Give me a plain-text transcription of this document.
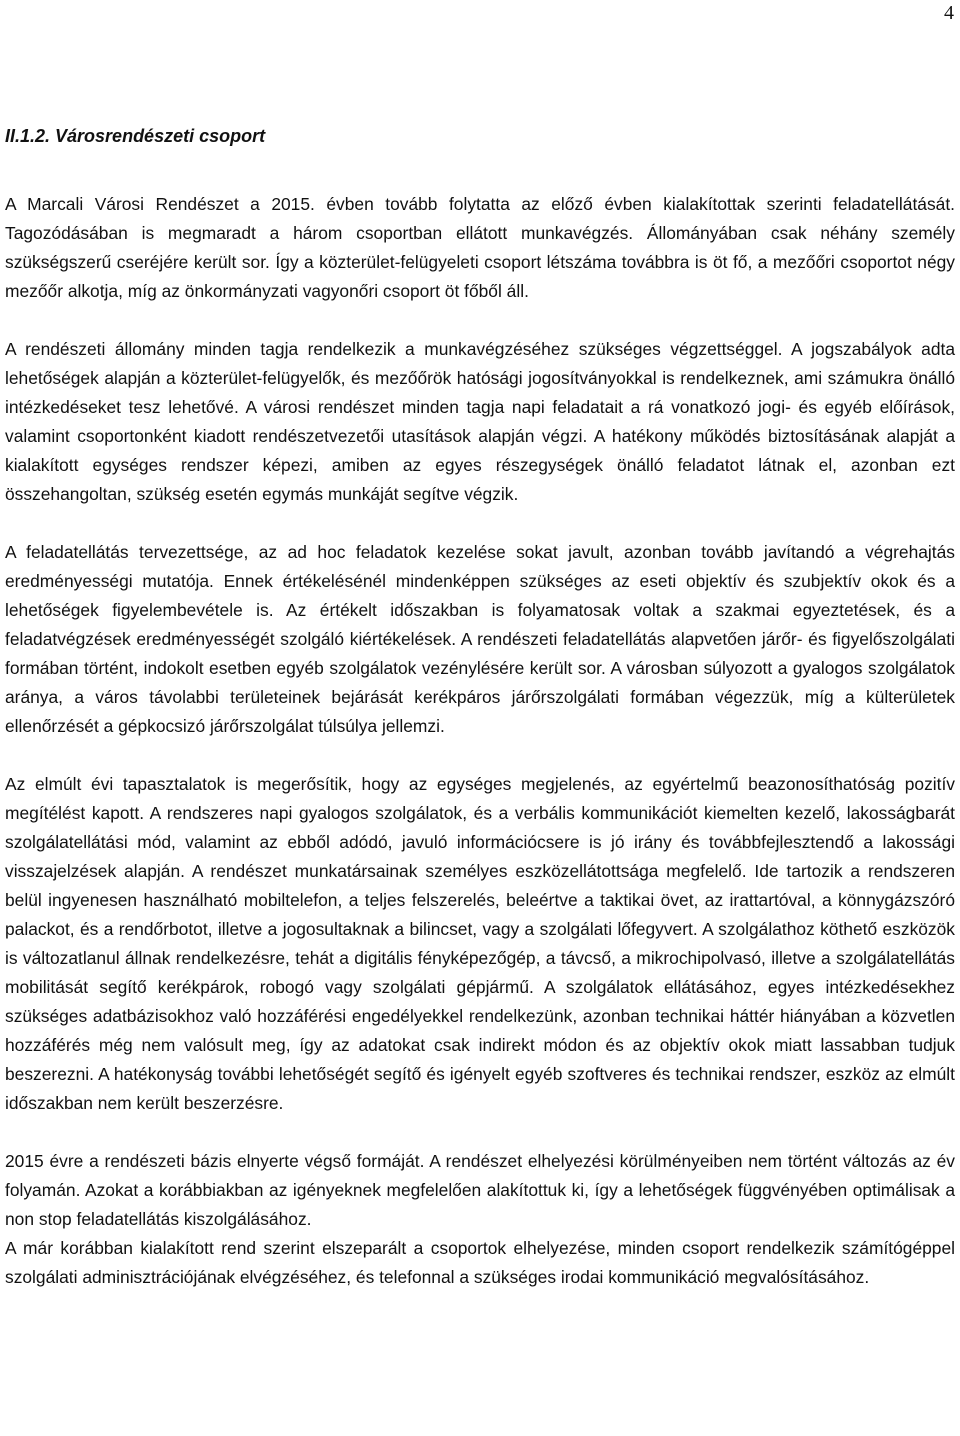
4
II.1.2. Városrendészeti csoport

A Marcali Városi Rendészet a 2015. évben tovább folytatta az előző évben kialakítottak szerinti feladatellátását. Tagozódásában is megmaradt a három csoportban ellátott munkavégzés. Állományában csak néhány személy szükségszerű cseréjére került sor. Így a közterület-felügyeleti csoport létszáma továbbra is öt fő, a mezőőri csoportot négy mezőőr alkotja, míg az önkormányzati vagyonőri csoport öt főből áll.

A rendészeti állomány minden tagja rendelkezik a munkavégzéséhez szükséges végzettséggel. A jogszabályok adta lehetőségek alapján a közterület-felügyelők, és mezőőrök hatósági jogosítványokkal is rendelkeznek, ami számukra önálló intézkedéseket tesz lehetővé. A városi rendészet minden tagja napi feladatait a rá vonatkozó jogi- és egyéb előírások, valamint csoportonként kiadott rendészetvezetői utasítások alapján végzi. A hatékony működés biztosításának alapját a kialakított egységes rendszer képezi, amiben az egyes részegységek önálló feladatot látnak el, azonban ezt összehangoltan, szükség esetén egymás munkáját segítve végzik.

A feladatellátás tervezettsége, az ad hoc feladatok kezelése sokat javult, azonban tovább javítandó a végrehajtás eredményességi mutatója. Ennek értékelésénél mindenképpen szükséges az eseti objektív és szubjektív okok és a lehetőségek figyelembevétele is. Az értékelt időszakban is folyamatosak voltak a szakmai egyeztetések, és a feladatvégzések eredményességét szolgáló kiértékelések. A rendészeti feladatellátás alapvetően járőr- és figyelőszolgálati formában történt, indokolt esetben egyéb szolgálatok vezénylésére került sor. A városban súlyozott a gyalogos szolgálatok aránya, a város távolabbi területeinek bejárását kerékpáros járőrszolgálati formában végezzük, míg a külterületek ellenőrzését a gépkocsizó járőrszolgálat túlsúlya jellemzi.

Az elmúlt évi tapasztalatok is megerősítik, hogy az egységes megjelenés, az egyértelmű beazonosíthatóság pozitív megítélést kapott. A rendszeres napi gyalogos szolgálatok, és a verbális kommunikációt kiemelten kezelő, lakosságbarát szolgálatellátási mód, valamint az ebből adódó, javuló információcsere is jó irány és továbbfejlesztendő a lakossági visszajelzések alapján. A rendészet munkatársainak személyes eszközellátottsága megfelelő. Ide tartozik a rendszeren belül ingyenesen használható mobiltelefon, a teljes felszerelés, beleértve a taktikai övet, az irattartóval, a könnygázszóró palackot, és a rendőrbotot, illetve a jogosultaknak a bilincset, vagy a szolgálati lőfegyvert. A szolgálathoz köthető eszközök is változatlanul állnak rendelkezésre, tehát a digitális fényképezőgép, a távcső, a mikrochipolvasó, illetve a szolgálatellátás mobilitását segítő kerékpárok, robogó vagy szolgálati gépjármű. A szolgálatok ellátásához, egyes intézkedésekhez szükséges adatbázisokhoz való hozzáférési engedélyekkel rendelkezünk, azonban technikai háttér hiányában a közvetlen hozzáférés még nem valósult meg, így az adatokat csak indirekt módon és az objektív okok miatt lassabban tudjuk beszerezni. A hatékonyság további lehetőségét segítő és igényelt egyéb szoftveres és technikai rendszer, eszköz az elmúlt időszakban nem került beszerzésre.

2015 évre a rendészeti bázis elnyerte végső formáját. A rendészet elhelyezési körülményeiben nem történt változás az év folyamán. Azokat a korábbiakban az igényeknek megfelelően alakítottuk ki, így a lehetőségek függvényében optimálisak a non stop feladatellátás kiszolgálásához.

A már korábban kialakított rend szerint elszeparált a csoportok elhelyezése, minden csoport rendelkezik számítógéppel szolgálati adminisztrációjának elvégzéséhez, és telefonnal a szükséges irodai kommunikáció megvalósításához.
